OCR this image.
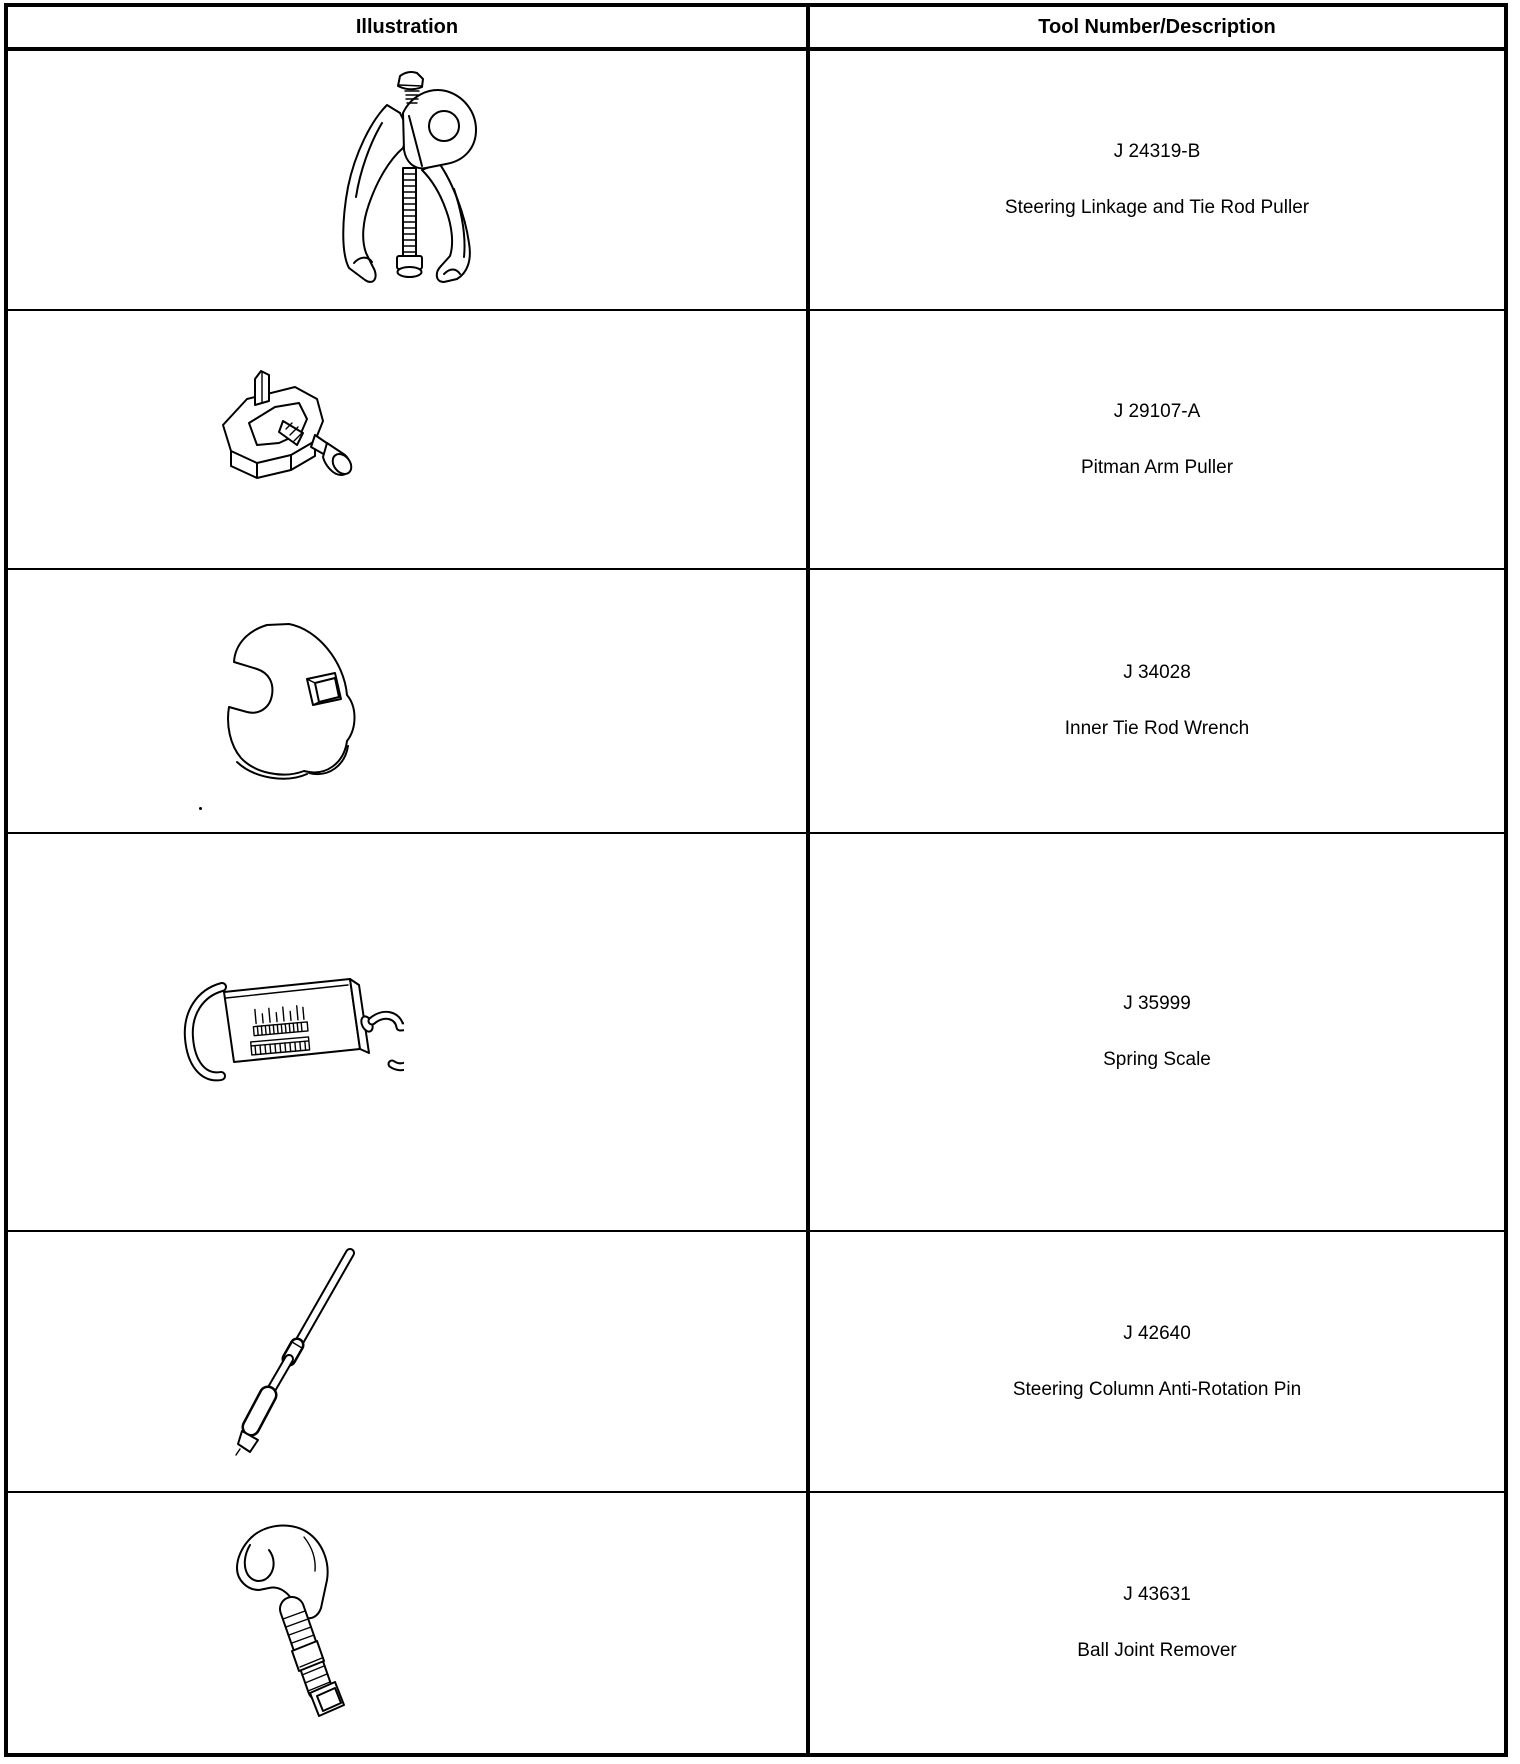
Illustration	Tool Number/Description
J 24319-B
Steering Linkage and Tie Rod Puller
J 29107-A
Pitman Arm Puller
J 34028
Inner Tie Rod Wrench
J 35999
Spring Scale
J 42640
Steering Column Anti-Rotation Pin
J 43631
Ball Joint Remover
